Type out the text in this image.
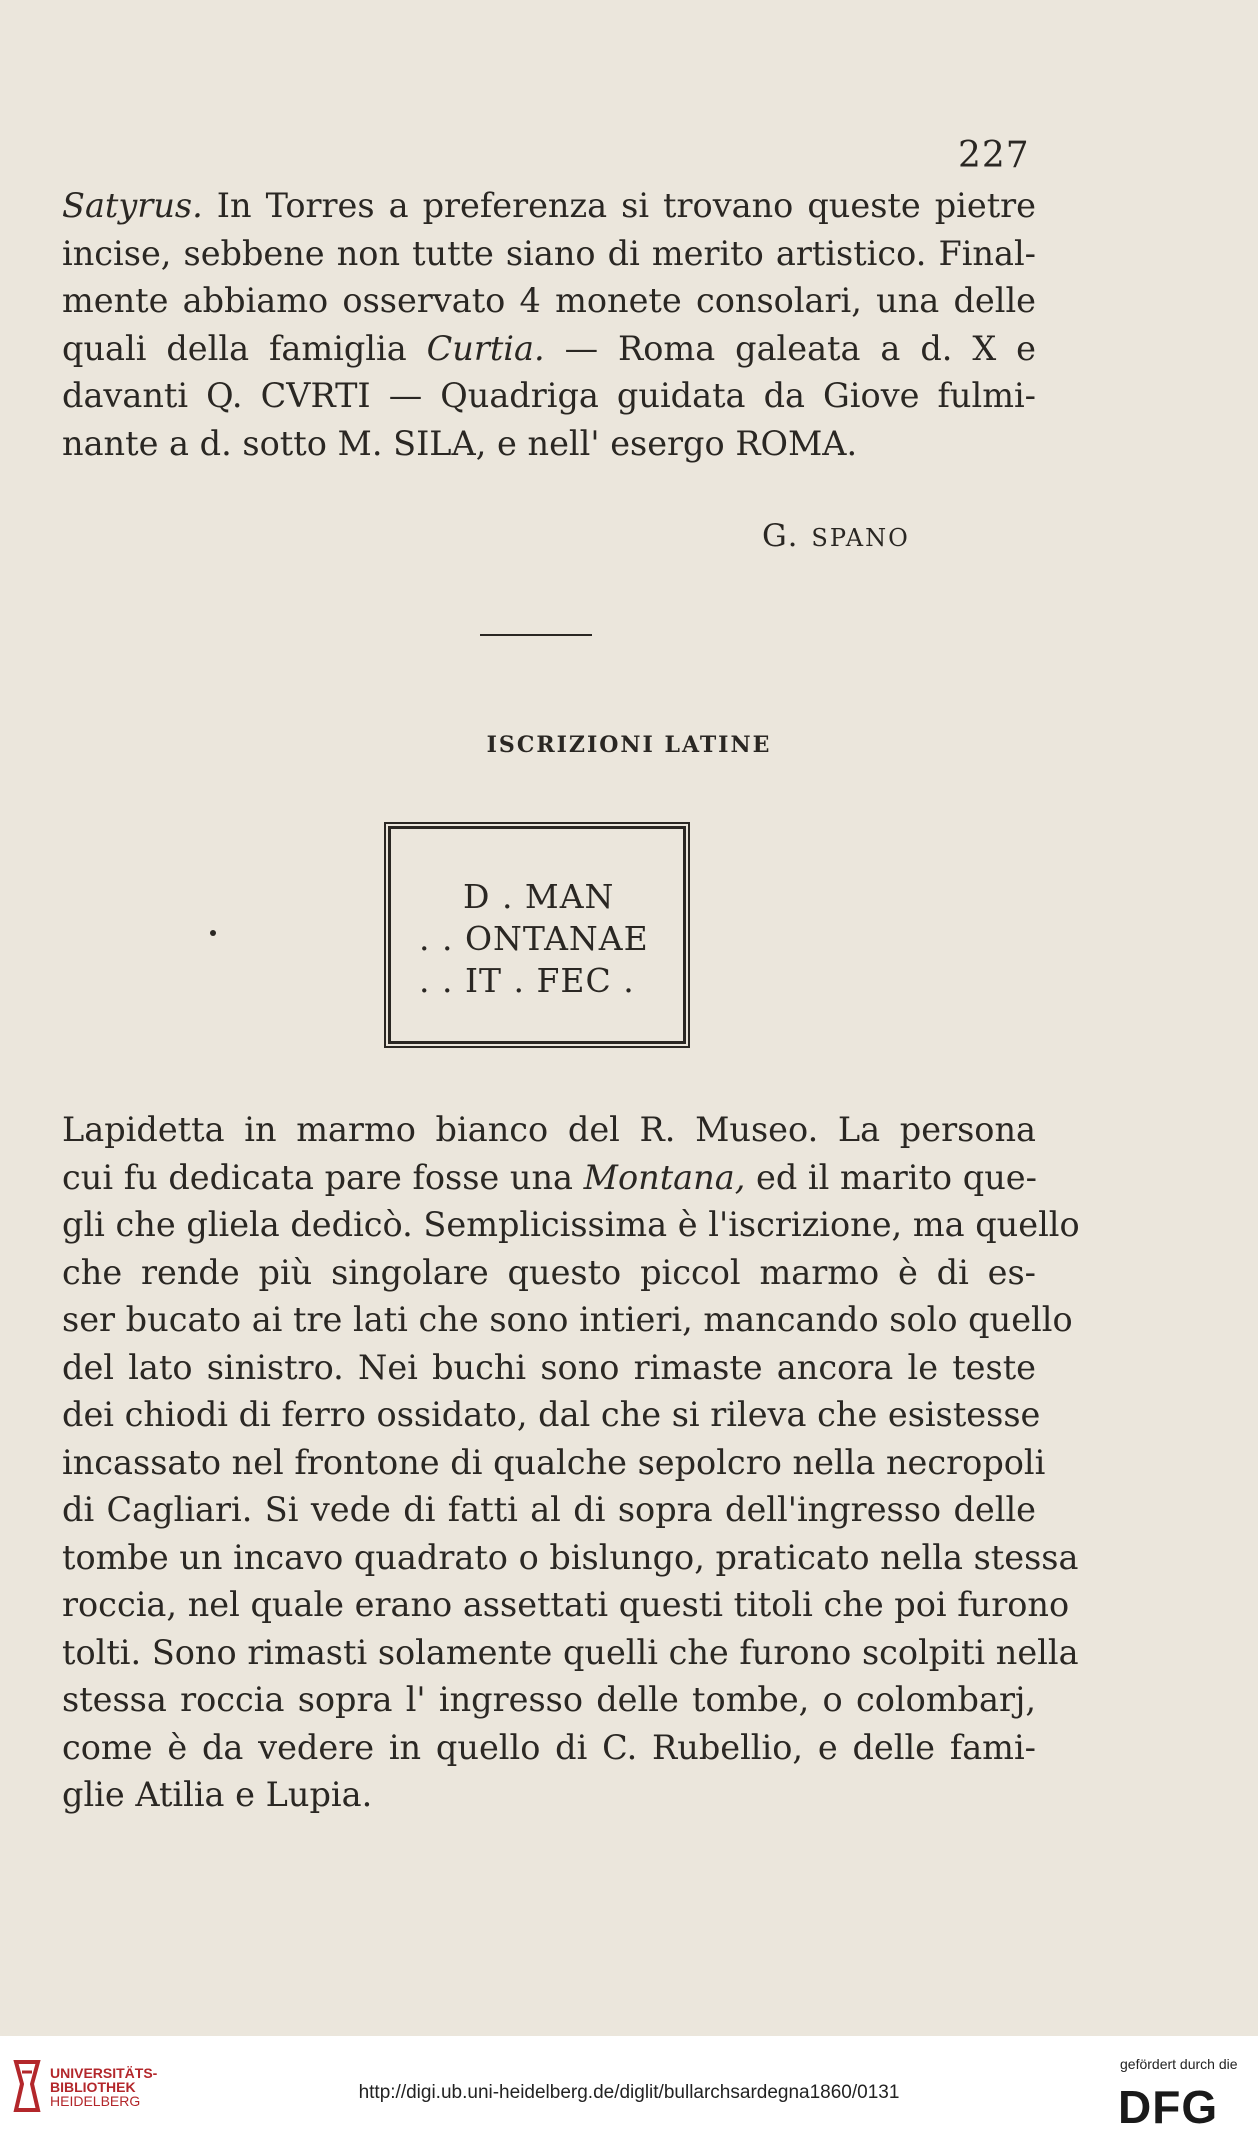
227
Satyrus. In Torres a preferenza si trovano queste pietre
incise, sebbene non tutte siano di merito artistico. Final-
mente abbiamo osservato 4 monete consolari, una delle
quali della famiglia Curtia. — Roma galeata a d. X e
davanti Q. CVRTI — Quadriga guidata da Giove fulmi-
nante a d. sotto M. SILA, e nell' esergo ROMA.
G. SPANO
ISCRIZIONI LATINE
D . MAN
. . ONTANAE
. . IT . FEC .
Lapidetta in marmo bianco del R. Museo. La persona
cui fu dedicata pare fosse una Montana, ed il marito que-
gli che gliela dedicò. Semplicissima è l'iscrizione, ma quello
che rende più singolare questo piccol marmo è di es-
ser bucato ai tre lati che sono intieri, mancando solo quello
del lato sinistro. Nei buchi sono rimaste ancora le teste
dei chiodi di ferro ossidato, dal che si rileva che esistesse
incassato nel frontone di qualche sepolcro nella necropoli
di Cagliari. Si vede di fatti al di sopra dell'ingresso delle
tombe un incavo quadrato o bislungo, praticato nella stessa
roccia, nel quale erano assettati questi titoli che poi furono
tolti. Sono rimasti solamente quelli che furono scolpiti nella
stessa roccia sopra l' ingresso delle tombe, o colombarj,
come è da vedere in quello di C. Rubellio, e delle fami-
glie Atilia e Lupia.
UNIVERSITÄTS-
BIBLIOTHEK
HEIDELBERG	http://digi.ub.uni-heidelberg.de/diglit/bullarchsardegna1860/0131
gefördert durch die
DFG
